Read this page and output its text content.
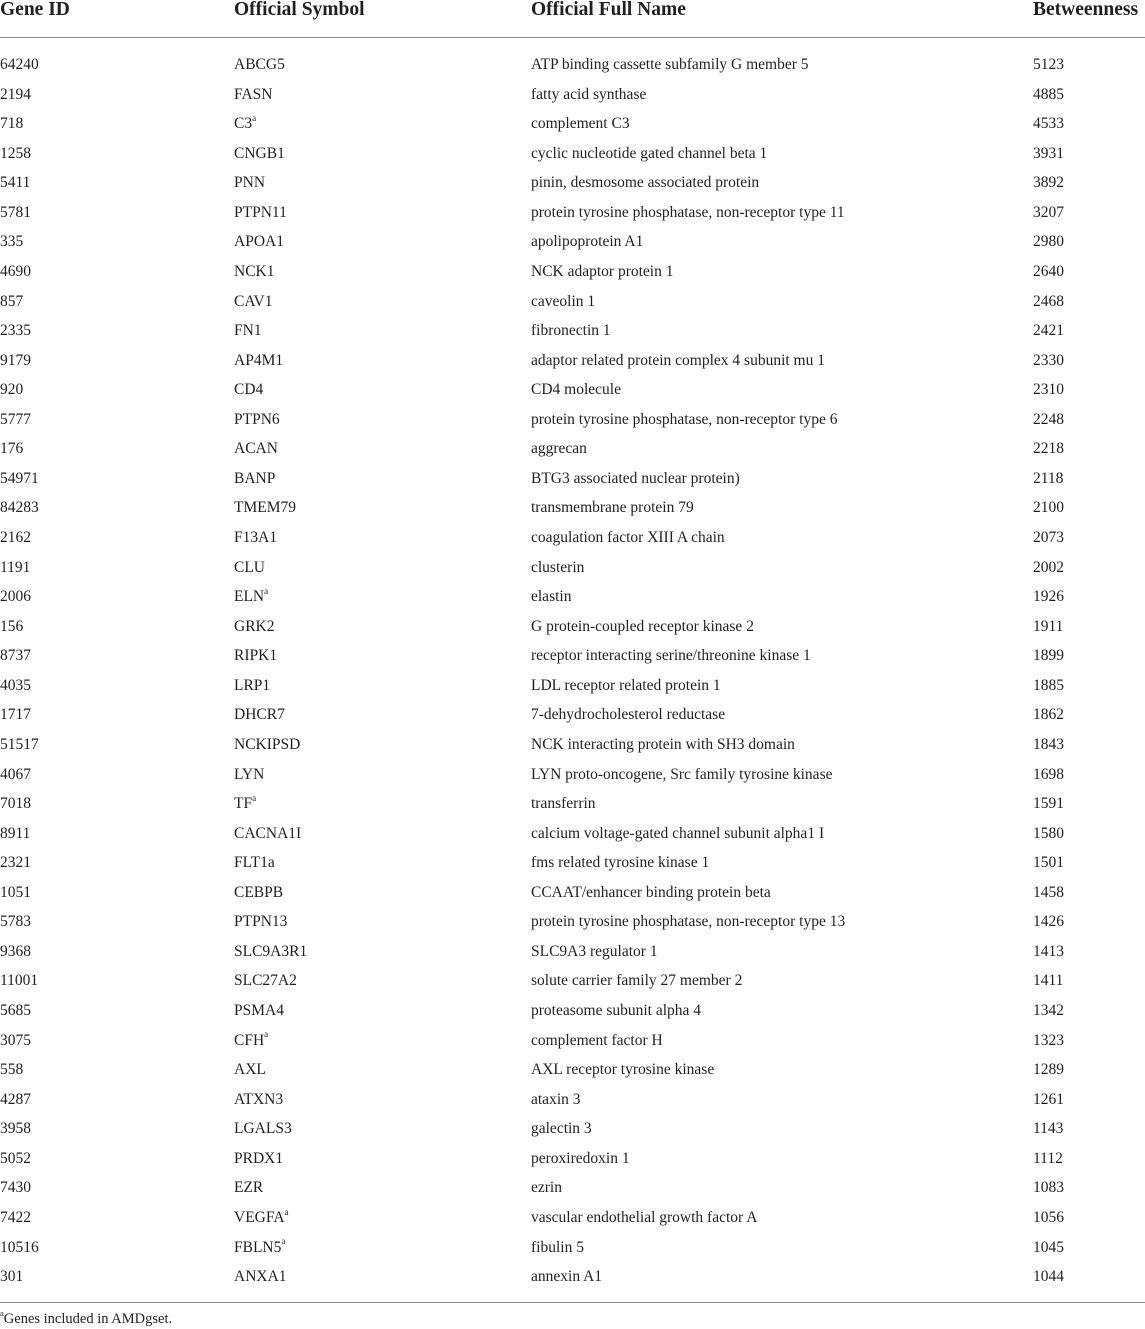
Gene ID	Official Symbol	Official Full Name	Betweenness
64240	ABCG5	ATP binding cassette subfamily G member 5	5123
2194	FASN	fatty acid synthase	4885
718	C3$^a$	complement C3	4533
1258	CNGB1	cyclic nucleotide gated channel beta 1	3931
5411	PNN	pinin, desmosome associated protein	3892
5781	PTPN11	protein tyrosine phosphatase, non-receptor type 11	3207
335	APOA1	apolipoprotein A1	2980
4690	NCK1	NCK adaptor protein 1	2640
857	CAV1	caveolin 1	2468
2335	FN1	fibronectin 1	2421
9179	AP4M1	adaptor related protein complex 4 subunit mu 1	2330
920	CD4	CD4 molecule	2310
5777	PTPN6	protein tyrosine phosphatase, non-receptor type 6	2248
176	ACAN	aggrecan	2218
54971	BANP	BTG3 associated nuclear protein)	2118
84283	TMEM79	transmembrane protein 79	2100
2162	F13A1	coagulation factor XIII A chain	2073
1191	CLU	clusterin	2002
2006	ELN$^a$	elastin	1926
156	GRK2	G protein-coupled receptor kinase 2	1911
8737	RIPK1	receptor interacting serine/threonine kinase 1	1899
4035	LRP1	LDL receptor related protein 1	1885
1717	DHCR7	7-dehydrocholesterol reductase	1862
51517	NCKIPSD	NCK interacting protein with SH3 domain	1843
4067	LYN	LYN proto-oncogene, Src family tyrosine kinase	1698
7018	$TF^a$	transferrin	1591
8911	CACNA1I	calcium voltage-gated channel subunit alpha1 I	1580
2321	FLT1a	fms related tyrosine kinase 1	1501
1051	CEBPB	CCAAT/enhancer binding protein beta	1458
5783	PTPN13	protein tyrosine phosphatase, non-receptor type 13	1426
9368	SLC9A3R1	SLC9A3 regulator 1	1413
11001	SLC27A2	solute carrier family 27 member 2	1411
5685	PSMA4	proteasome subunit alpha 4	1342
3075	CFH$^a$	complement factor H	1323
558	AXL	AXL receptor tyrosine kinase	1289
4287	ATXN3	ataxin 3	1261
3958	LGALS3	galectin 3	1143
5052	PRDX1	peroxiredoxin 1	1112
7430	EZR	ezrin	1083
7422	VEGFA$^a$	vascular endothelial growth factor A	1056
10516	FBLN5$^a$	fibulin 5	1045
301	ANXA1	annexin A1	1044
$^a$Genes included in AMDgset.
